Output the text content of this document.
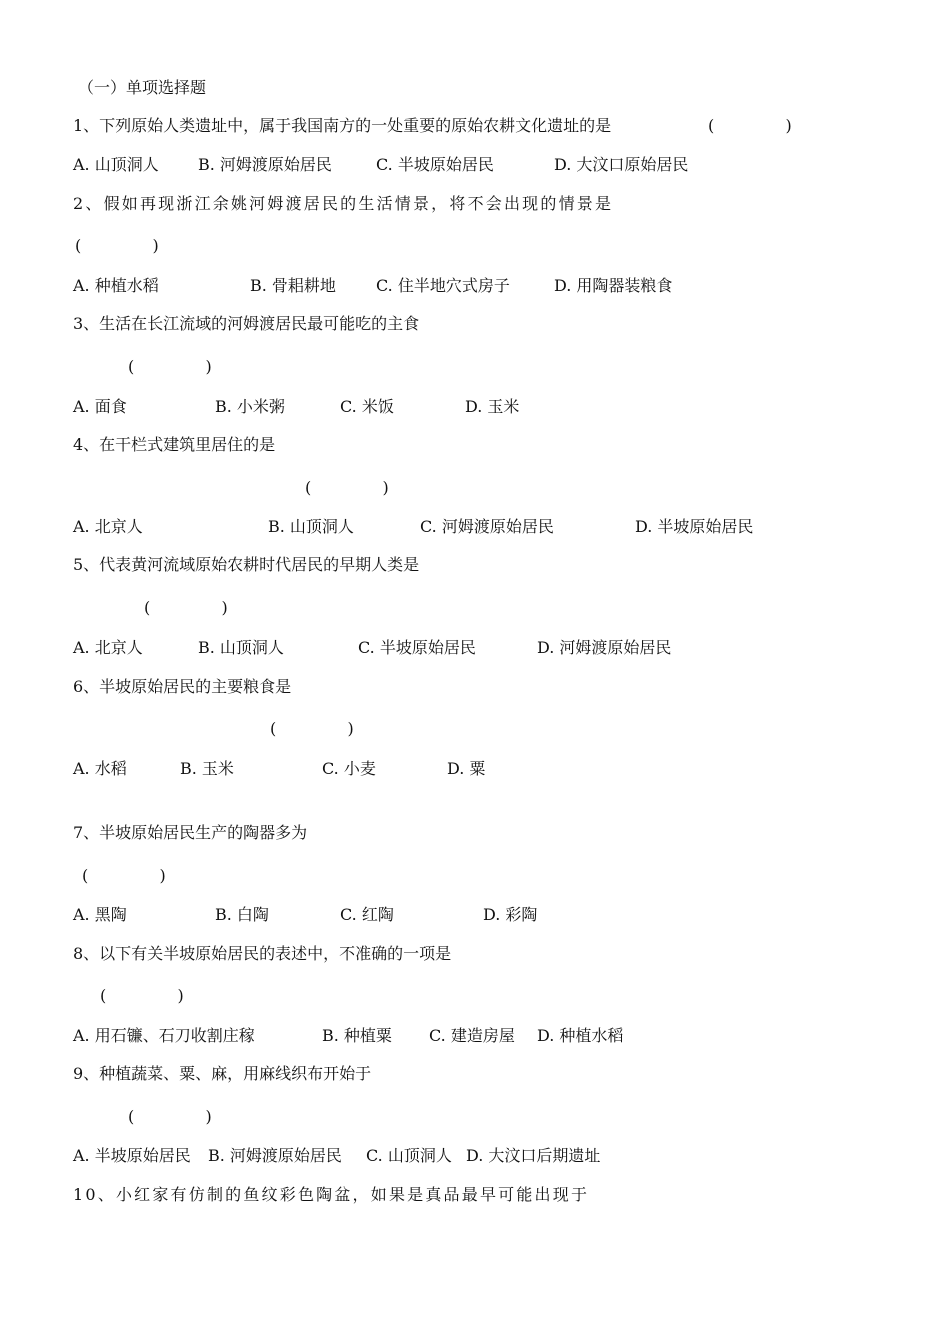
（一）单项选择题
1、下列原始人类遗址中，属于我国南方的一处重要的原始农耕文化遗址的是	(              )
A. 山顶洞人 B. 河姆渡原始居民	C. 半坡原始居民	D. 大汶口原始居民
2、假如再现浙江余姚河姆渡居民的生活情景，将不会出现的情景是
(              )
A. 种植水稻	B. 骨耜耕地	C. 住半地穴式房子	D. 用陶器装粮食
3、生活在长江流域的河姆渡居民最可能吃的主食
(              )
A. 面食	B. 小米粥	C. 米饭	D. 玉米
4、在干栏式建筑里居住的是
(              )
A. 北京人	B. 山顶洞人	C. 河姆渡原始居民	D. 半坡原始居民
5、代表黄河流域原始农耕时代居民的早期人类是
(              )
A. 北京人	B. 山顶洞人	C. 半坡原始居民	D. 河姆渡原始居民
6、半坡原始居民的主要粮食是
(              )
A. 水稻	B. 玉米	C. 小麦	D. 粟
7、半坡原始居民生产的陶器多为
(              )
A. 黑陶	B. 白陶	C. 红陶	D. 彩陶
8、以下有关半坡原始居民的表述中，不准确的一项是
(              )
A. 用石镰、石刀收割庄稼	B. 种植粟 C. 建造房屋 D. 种植水稻
9、种植蔬菜、粟、麻，用麻线织布开始于
(              )
A. 半坡原始居民 B. 河姆渡原始居民 C. 山顶洞人 D. 大汶口后期遗址
10、小红家有仿制的鱼纹彩色陶盆，如果是真品最早可能出现于
